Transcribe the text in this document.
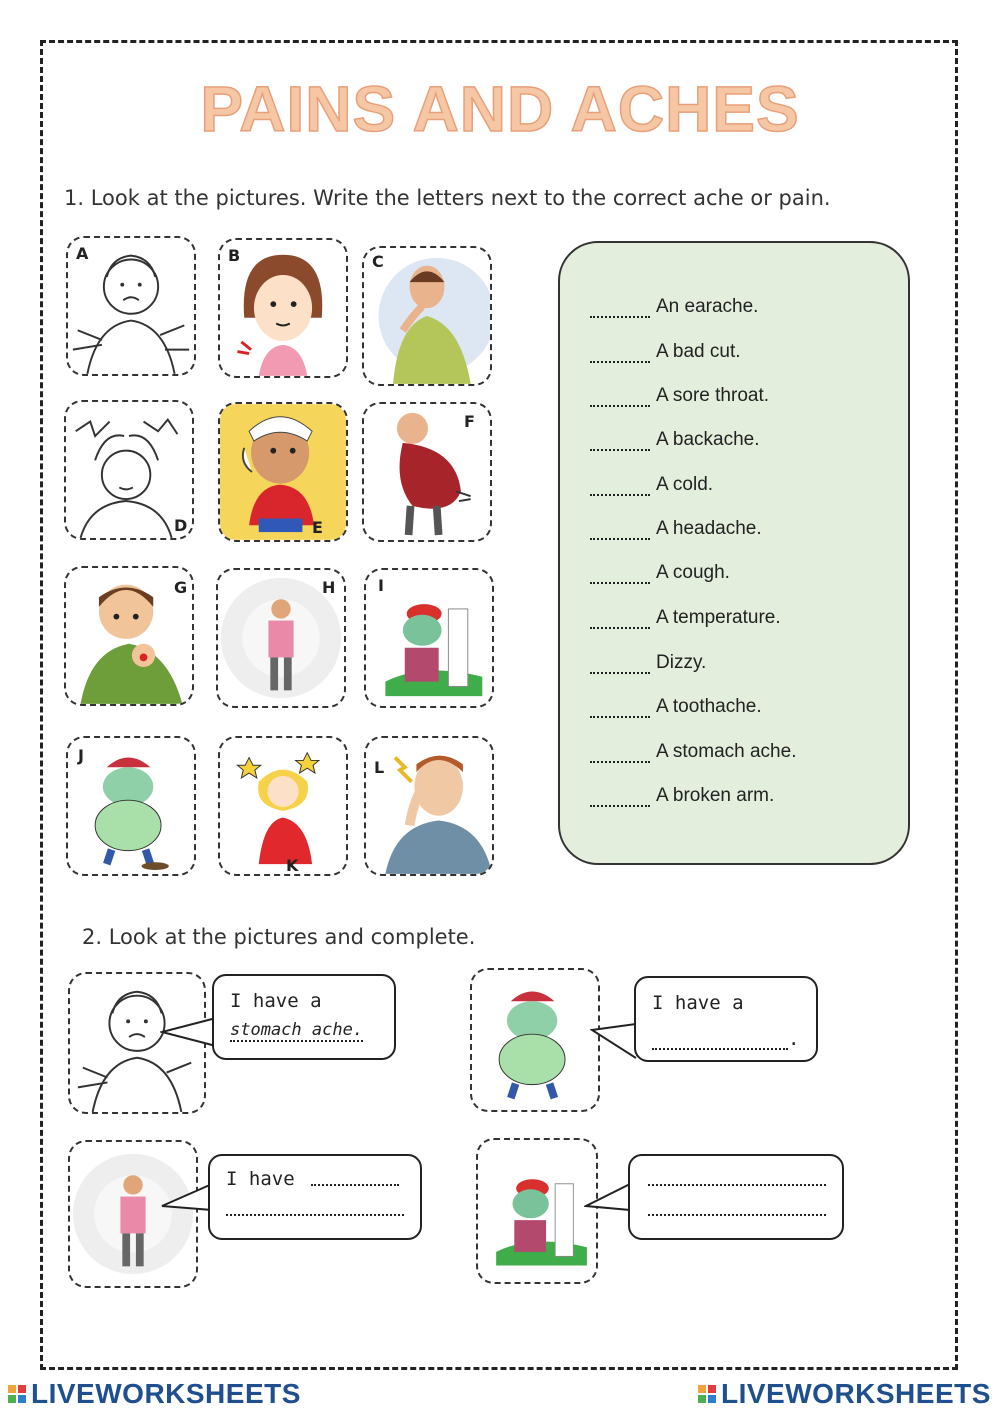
PAINS AND ACHES
1. Look at the pictures. Write the letters next to the correct ache or pain.
A	B	C
D	E
F
G	H	I
J
K
L
An earache.
A bad cut.
A sore throat.
A backache.
A cold.
A headache.
A cough.
A temperature.
Dizzy.
A toothache.
A stomach ache.
A broken arm.
2. Look at the pictures and complete.
I have a
stomach ache.
I have a
.
I have
LIVEWORKSHEETS	LIVEWORKSHEETS
